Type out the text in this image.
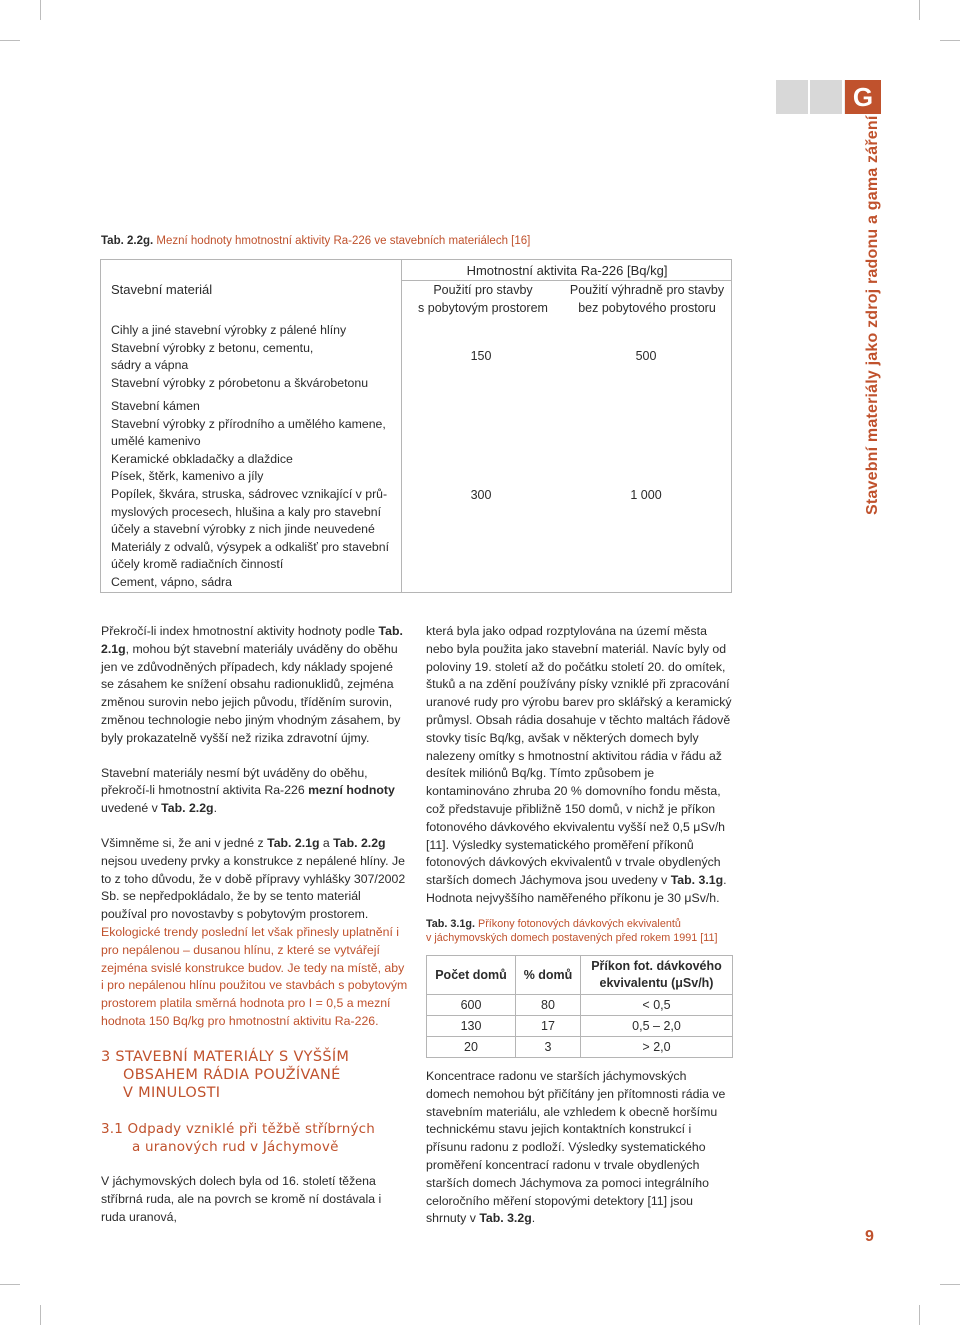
G
Stavební materiály jako zdroj radonu a gama záření
Tab. 2.2g. Mezní hodnoty hmotnostní aktivity Ra-226 ve stavebních materiálech [16]
Stavební materiál
Hmotnostní aktivita Ra-226 [Bq/kg]
Použití pro stavby
s pobytovým prostorem
Použití výhradně pro stavby
bez pobytového prostoru
Cihly a jiné stavební výrobky z pálené hlíny
Stavební výrobky z betonu, cementu,
sádry a vápna
Stavební výrobky z pórobetonu a škvárobetonu
150	500
Stavební kámen
Stavební výrobky z přírodního a umělého kamene,
umělé kamenivo
Keramické obkladačky a dlaždice
Písek, štěrk, kamenivo a jíly
Popílek, škvára, struska, sádrovec vznikající v prů-
myslových procesech, hlušina a kaly pro stavební
účely a stavební výrobky z nich jinde neuvedené
Materiály z odvalů, výsypek a odkališť pro stavební
účely kromě radiačních činností
Cement, vápno, sádra
300	1 000

Překročí-li index hmotnostní aktivity hodnoty podle Tab. 2.1g, mohou být stavební materiály uváděny do oběhu jen ve zdůvodněných případech, kdy náklady spojené se zásahem ke snížení obsahu radionuklidů, zejména změnou surovin nebo jejich původu, tříděním surovin, změnou technologie nebo jiným vhodným zásahem, by byly prokazatelně vyšší než rizika zdravotní újmy.

Stavební materiály nesmí být uváděny do oběhu, překročí-li hmotnostní aktivita Ra-226 mezní hodnoty uvedené v Tab. 2.2g.

Všimněme si, že ani v jedné z Tab. 2.1g a Tab. 2.2g nejsou uvedeny prvky a konstrukce z nepálené hlíny. Je to z toho důvodu, že v době přípravy vyhlášky 307/2002 Sb. se nepředpokládalo, že by se tento materiál používal pro novostavby s pobytovým prostorem. Ekologické trendy poslední let však přinesly uplatnění i pro nepálenou – dusanou hlínu, z které se vytvářejí zejména svislé konstrukce budov. Je tedy na místě, aby i pro nepálenou hlínu použitou ve stavbách s pobytovým prostorem platila směrná hodnota pro I = 0,5 a mezní hodnota 150 Bq/kg pro hmotnostní aktivitu Ra-226.

3 STAVEBNÍ MATERIÁLY S VYŠŠÍM
OBSAHEM RÁDIA POUŽÍVANÉ
V MINULOSTI
3.1 Odpady vzniklé při těžbě stříbrných
a uranových rud v Jáchymově
V jáchymovských dolech byla od 16. století těžena stříbrná ruda, ale na povrch se kromě ní dostávala i ruda uranová,

která byla jako odpad rozptylována na území města nebo byla použita jako stavební materiál. Navíc byly od poloviny 19. století až do počátku století 20. do omítek, štuků a na zdění používány písky vzniklé při zpracování uranové rudy pro výrobu barev pro sklářský a keramický průmysl. Obsah rádia dosahuje v těchto maltách řádově stovky tisíc Bq/kg, avšak v některých domech byly nalezeny omítky s hmotnostní aktivitou rádia v řádu až desítek miliónů Bq/kg. Tímto způsobem je kontaminováno zhruba 20 % domovního fondu města, což představuje přibližně 150 domů, v nichž je příkon fotonového dávkového ekvivalentu vyšší než 0,5 μSv/h [11]. Výsledky systematického proměření příkonů fotonových dávkových ekvivalentů v trvale obydlených starších domech Jáchymova jsou uvedeny v Tab. 3.1g. Hodnota nejvyššího naměřeného příkonu je 30 μSv/h.

Tab. 3.1g. Příkony fotonových dávkových ekvivalentů
v jáchymovských domech postavených před rokem 1991 [11]
Počet domů	% domů	Příkon fot. dávkového ekvivalentu (μSv/h)
600	80	< 0,5
130	17	0,5 – 2,0
20	3	> 2,0

Koncentrace radonu ve starších jáchymovských domech nemohou být přičítány jen přítomnosti rádia ve stavebním materiálu, ale vzhledem k obecně horšímu technickému stavu jejich kontaktních konstrukcí i přísunu radonu z podloží. Výsledky systematického proměření koncentrací radonu v trvale obydlených starších domech Jáchymova za pomoci integrálního celoročního měření stopovými detektory [11] jsou shrnuty v Tab. 3.2g.

9
